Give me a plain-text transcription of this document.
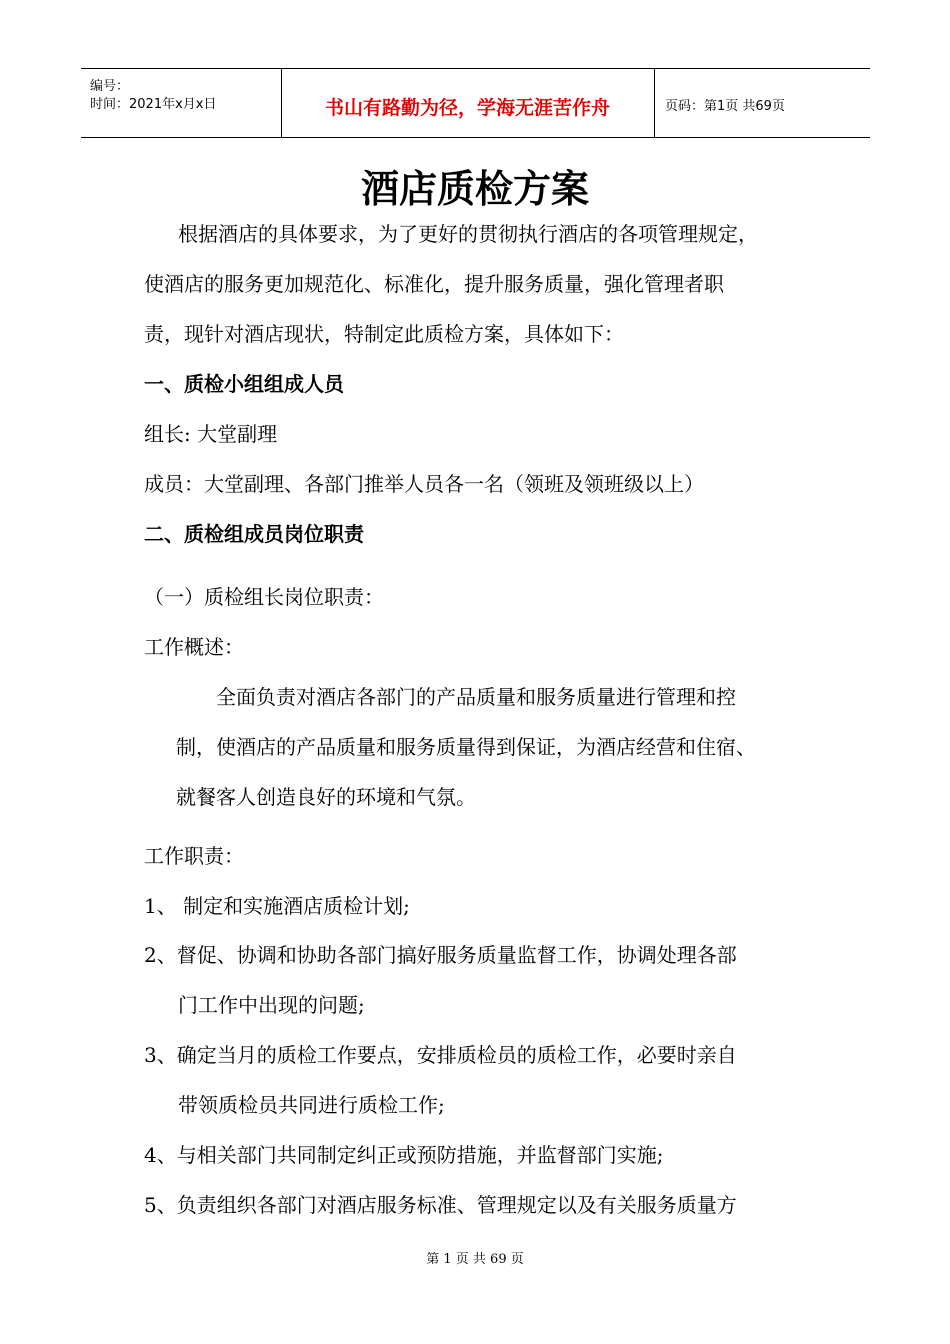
编号：
时间：2021年x月x日	书山有路勤为径，学海无涯苦作舟	页码：第1页 共69页
酒店质检方案
根据酒店的具体要求，为了更好的贯彻执行酒店的各项管理规定，
使酒店的服务更加规范化、标准化，提升服务质量，强化管理者职
责，现针对酒店现状，特制定此质检方案，具体如下：
一、质检小组组成人员
组长: 大堂副理
成员：大堂副理、各部门推举人员各一名（领班及领班级以上）
二、质检组成员岗位职责
（一）质检组长岗位职责：
工作概述：
全面负责对酒店各部门的产品质量和服务质量进行管理和控
制，使酒店的产品质量和服务质量得到保证，为酒店经营和住宿、
就餐客人创造良好的环境和气氛。
工作职责：
1、 制定和实施酒店质检计划;
2、督促、协调和协助各部门搞好服务质量监督工作，协调处理各部
门工作中出现的问题;
3、确定当月的质检工作要点，安排质检员的质检工作，必要时亲自
带领质检员共同进行质检工作;
4、与相关部门共同制定纠正或预防措施，并监督部门实施;
5、负责组织各部门对酒店服务标准、管理规定以及有关服务质量方
第 1 页 共 69 页
